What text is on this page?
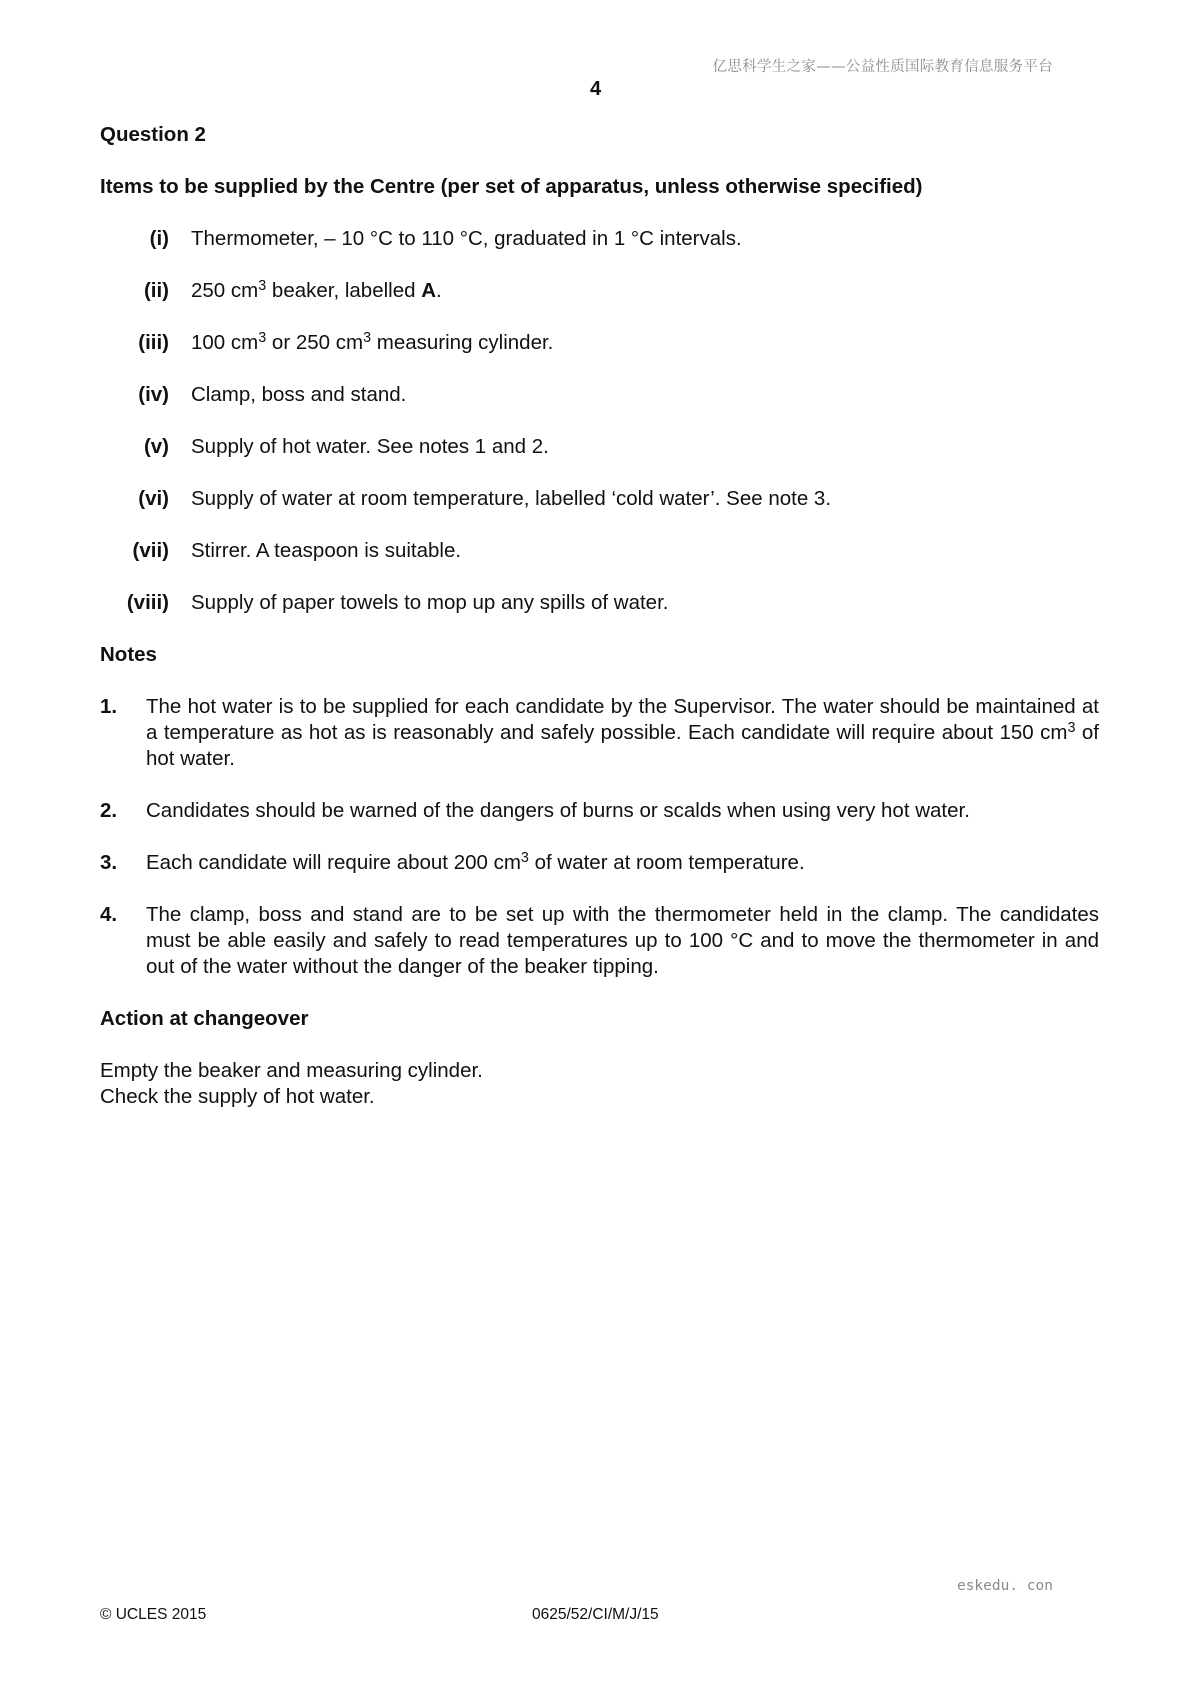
亿思科学生之家——公益性质国际教育信息服务平台
4

Question 2

Items to be supplied by the Centre (per set of apparatus, unless otherwise specified)

(i) Thermometer, – 10 °C to 110 °C, graduated in 1 °C intervals.
(ii) 250 $cm^3$ beaker, labelled A.
(iii) 100 $cm^3$ or 250 $cm^3$ measuring cylinder.
(iv) Clamp, boss and stand.
(v) Supply of hot water. See notes 1 and 2.
(vi) Supply of water at room temperature, labelled ‘cold water’. See note 3.
(vii) Stirrer. A teaspoon is suitable.
(viii) Supply of paper towels to mop up any spills of water.

Notes

1. The hot water is to be supplied for each candidate by the Supervisor. The water should be maintained at a temperature as hot as is reasonably and safely possible. Each candidate will require about 150 $cm^3$ of hot water.
2. Candidates should be warned of the dangers of burns or scalds when using very hot water.
3. Each candidate will require about 200 $cm^3$ of water at room temperature.
4. The clamp, boss and stand are to be set up with the thermometer held in the clamp. The candidates must be able easily and safely to read temperatures up to 100 °C and to move the thermometer in and out of the water without the danger of the beaker tipping.

Action at changeover

Empty the beaker and measuring cylinder.

Check the supply of hot water.

eskedu. con
© UCLES 2015	0625/52/CI/M/J/15
